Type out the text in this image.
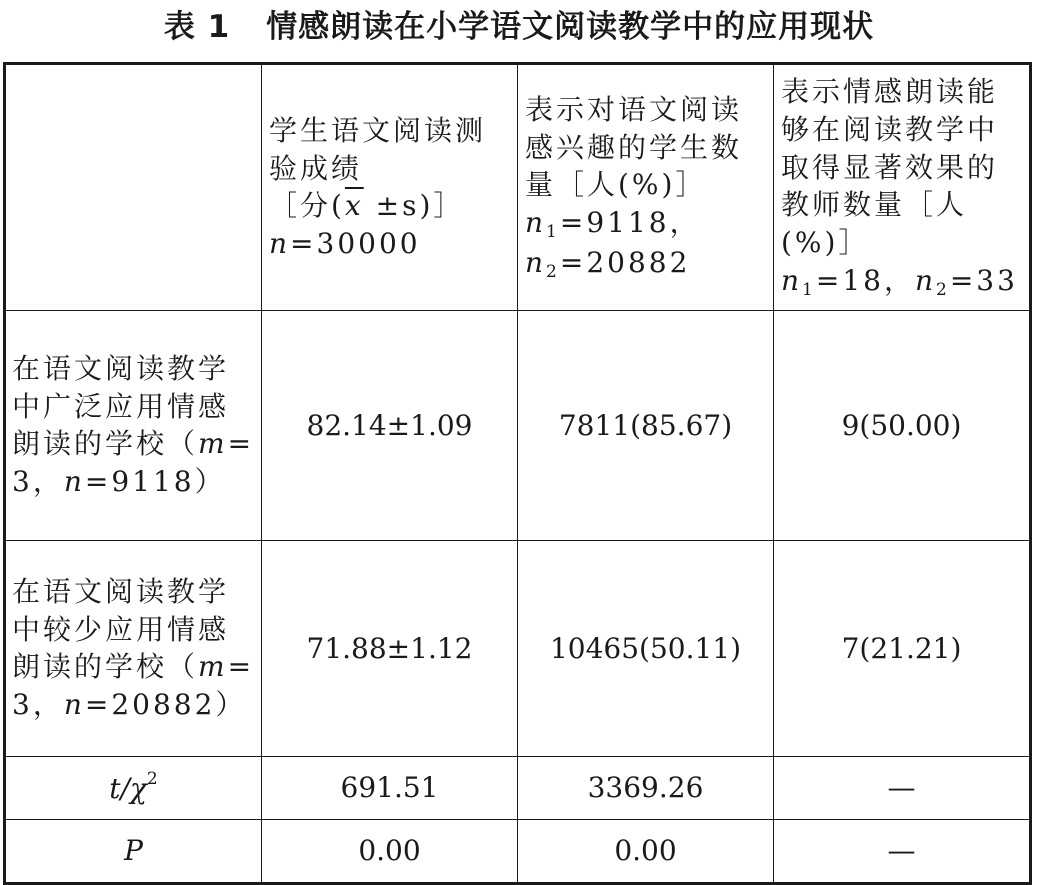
表 1 情感朗读在小学语文阅读教学中的应用现状

	学生语文阅读测
验成绩
［分($\overline{x}$ ±s)］
n=30000	表示对语文阅读
感兴趣的学生数
量［人(%)］
$n_1=9118$，
$n_2=20882$	表示情感朗读能
够在阅读教学中
取得显著效果的
教师数量［人(%)］
$n_1=18$，$n_2=33$

在语文阅读教学
中广泛应用情感
朗读的学校（m=
3，n=9118）	82.14±1.09	7811(85.67)	9(50.00)

在语文阅读教学
中较少应用情感
朗读的学校（m=
3，n=20882）	71.88±1.12	10465(50.11)	7(21.21)
$t/\chi^2$	691.51	3369.26	—
P	0.00	0.00	—
